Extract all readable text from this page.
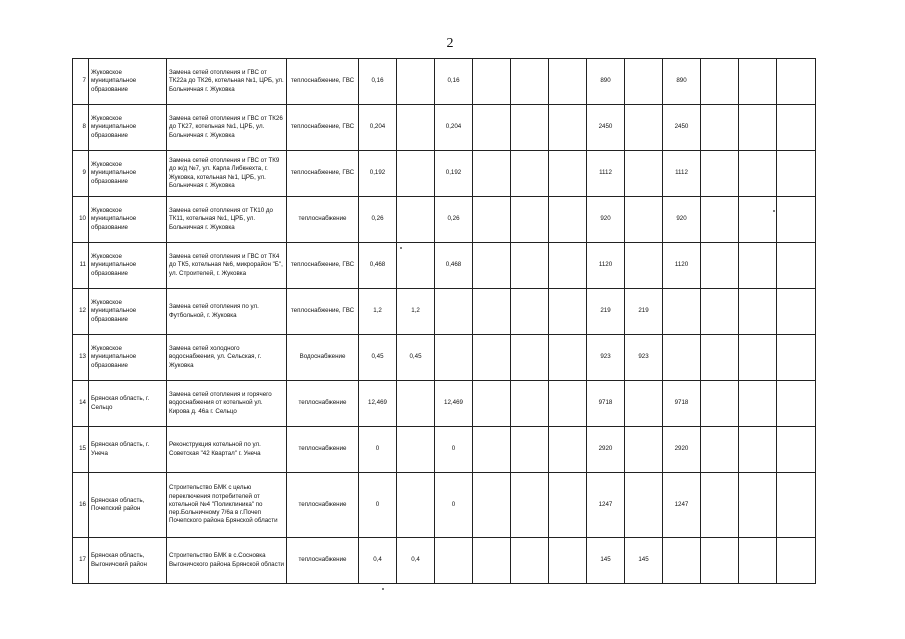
2
7	Жуковское муниципальное образование	Замена сетей отопления и ГВС от ТК22а до ТК26, котельная №1, ЦРБ, ул. Больничная г. Жуковка	теплоснабжение, ГВС	0,16		0,16				890		890			
8	Жуковское муниципальное образование	Замена сетей отопления и ГВС от ТК26 до ТК27, котельная №1, ЦРБ, ул. Больничная г. Жуковка	теплоснабжение, ГВС	0,204		0,204				2450		2450			
9	Жуковское муниципальное образование	Замена сетей отопления и ГВС от ТК9 до ж/д №7, ул. Карла Либкнехта, г. Жуковка, котельная №1, ЦРБ, ул. Больничная г. Жуковка	теплоснабжение, ГВС	0,192		0,192				1112		1112			
10	Жуковское муниципальное образование	Замена сетей отопления от ТК10 до ТК11, котельная №1, ЦРБ, ул. Больничная г. Жуковка	теплоснабжение	0,26		0,26				920		920			
11	Жуковское муниципальное образование	Замена сетей отопления и ГВС от ТК4 до ТК5, котельная №6, микрорайон "Б", ул. Строителей, г. Жуковка	теплоснабжение, ГВС	0,468		0,468				1120		1120			
12	Жуковское муниципальное образование	Замена сетей отопления по ул. Футбольной, г. Жуковка	теплоснабжение, ГВС	1,2	1,2					219	219				
13	Жуковское муниципальное образование	Замена сетей холодного водоснабжения, ул. Сельская, г. Жуковка	Водоснабжение	0,45	0,45					923	923				
14	Брянская область, г. Сельцо	Замена сетей отопления и горячего водоснабжения от котельной ул. Кирова д. 46а г. Сельцо	теплоснабжение	12,469		12,469				9718		9718			
15	Брянская область, г. Унеча	Реконструкция котельной по ул. Советская "42 Квартал" г. Унеча	теплоснабжение	0		0				2920		2920			
16	Брянская область, Почепский район	Строительство БМК с целью переключения потребителей от котельной №4 "Поликлиника" по пер.Больничному 7/6а в г.Почеп Почепского района Брянской области	теплоснабжение	0		0				1247		1247			
17	Брянская область, Выгоничский район	Строительство БМК в с.Сосновка Выгоничского района Брянской области	теплоснабжение	0,4	0,4					145	145				
